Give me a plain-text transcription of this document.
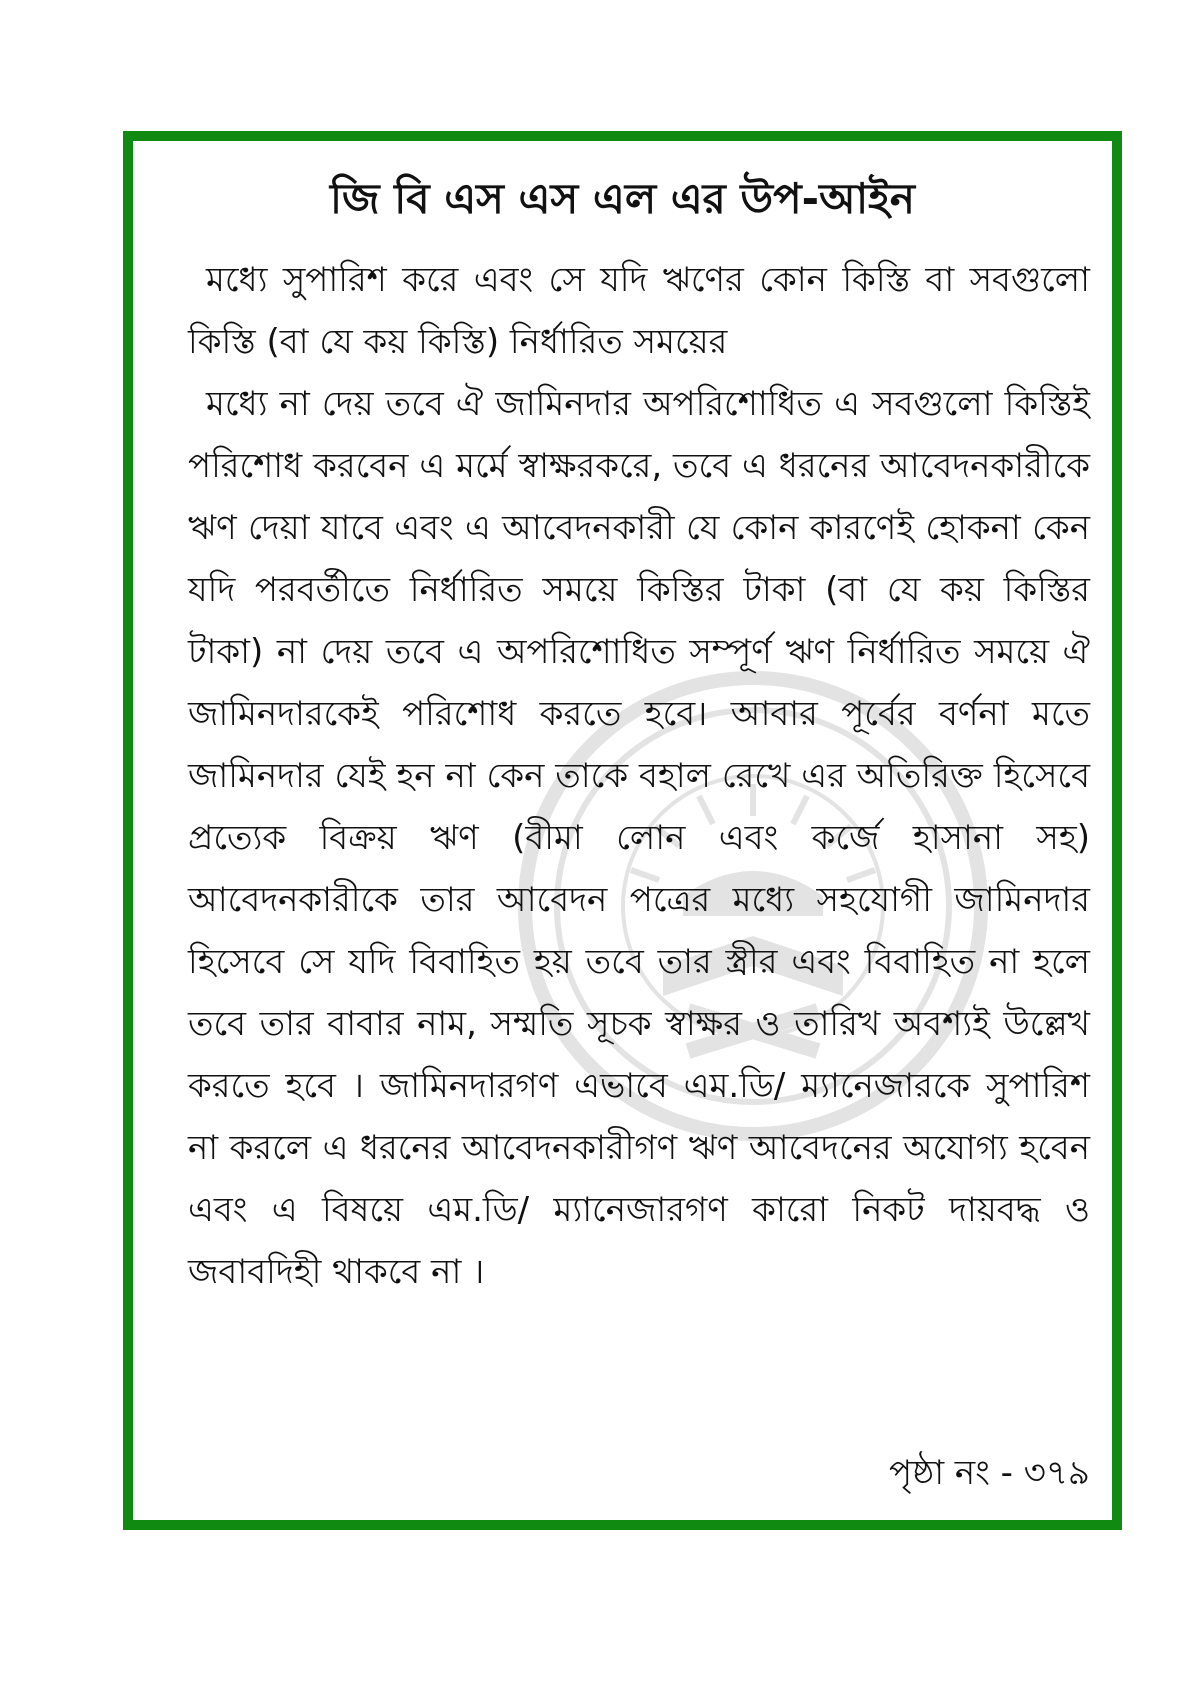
জি বি এস এস এল এর উপ-আইন

মধ্যে সুপারিশ করে এবং সে যদি ঋণের কোন কিস্তি বা সবগুলো কিস্তি (বা যে কয় কিস্তি) নির্ধারিত সময়ের

মধ্যে না দেয় তবে ঐ জামিনদার অপরিশোধিত এ সবগুলো কিস্তিই পরিশোধ করবেন এ মর্মে স্বাক্ষরকরে, তবে এ ধরনের আবেদনকারীকে ঋণ দেয়া যাবে এবং এ আবেদনকারী যে কোন কারণেই হোকনা কেন যদি পরবর্তীতে নির্ধারিত সময়ে কিস্তির টাকা (বা যে কয় কিস্তির টাকা) না দেয় তবে এ অপরিশোধিত সম্পূর্ণ ঋণ নির্ধারিত সময়ে ঐ জামিনদারকেই পরিশোধ করতে হবে। আবার পূর্বের বর্ণনা মতে জামিনদার যেই হন না কেন তাকে বহাল রেখে এর অতিরিক্ত হিসেবে প্রত্যেক বিক্রয় ঋণ (বীমা লোন এবং কর্জে হাসানা সহ) আবেদনকারীকে তার আবেদন পত্রের মধ্যে সহযোগী জামিনদার হিসেবে সে যদি বিবাহিত হয় তবে তার স্ত্রীর এবং বিবাহিত না হলে তবে তার বাবার নাম, সম্মতি সূচক স্বাক্ষর ও তারিখ অবশ্যই উল্লেখ করতে হবে । জামিনদারগণ এভাবে এম.ডি/ ম্যানেজারকে সুপারিশ না করলে এ ধরনের আবেদনকারীগণ ঋণ আবেদনের অযোগ্য হবেন এবং এ বিষয়ে এম.ডি/ ম্যানেজারগণ কারো নিকট দায়বদ্ধ ও জবাবদিহী থাকবে না ।

পৃষ্ঠা নং - ৩৭৯
